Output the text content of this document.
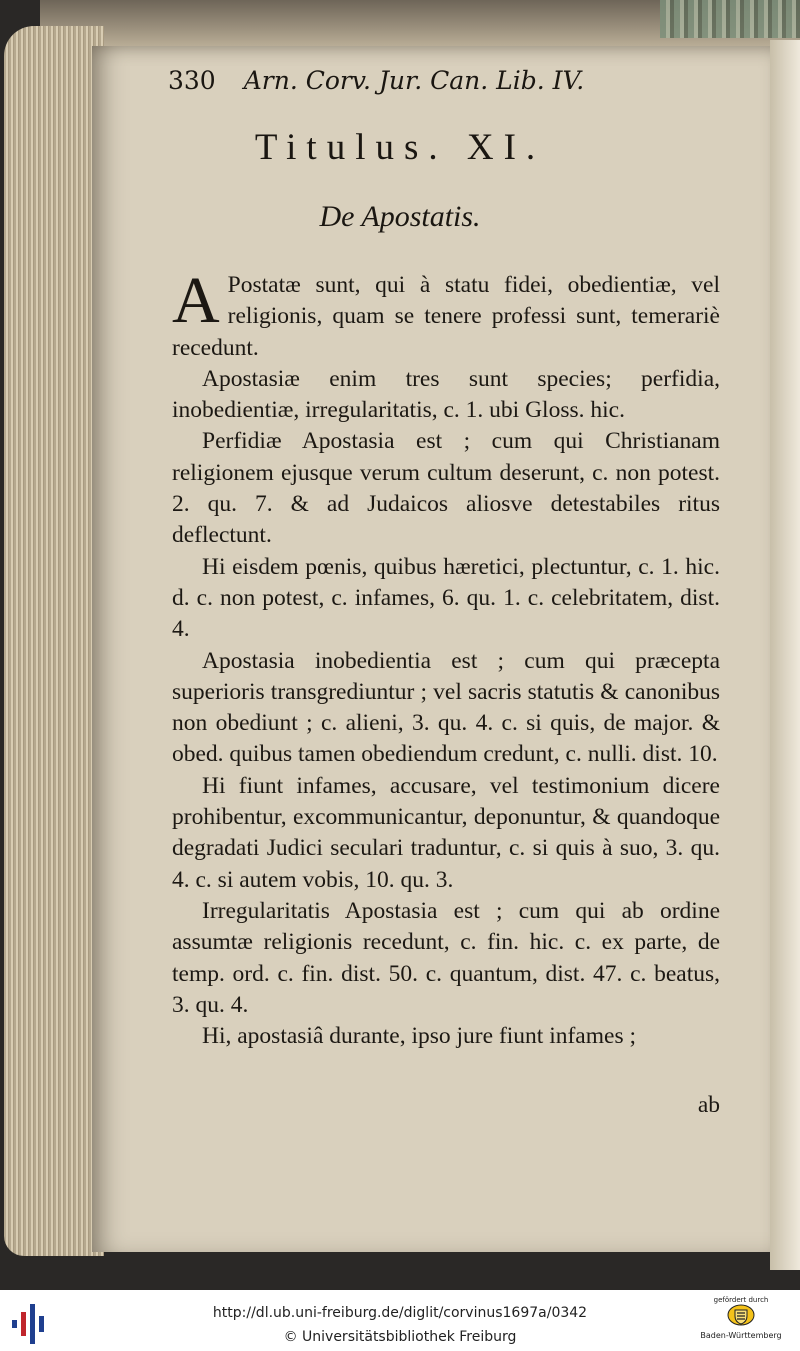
330 Arn. Corv. Jur. Can. Lib. IV.
Titulus. XI.
De Apostatis.

A Postatæ sunt, qui à statu fidei, obedientiæ, vel religionis, quam se tenere professi sunt, temerariè recedunt.

Apostasiæ enim tres sunt species; perfidia, inobedientiæ, irregularitatis, c. 1. ubi Gloss. hic.

Perfidiæ Apostasia est ; cum qui Christianam religionem ejusque verum cultum deserunt, c. non potest. 2. qu. 7. & ad Judaicos aliosve detestabiles ritus deflectunt.

Hi eisdem pœnis, quibus hæretici, plectuntur, c. 1. hic. d. c. non potest, c. infames, 6. qu. 1. c. celebritatem, dist. 4.

Apostasia inobedientia est ; cum qui præcepta superioris transgrediuntur ; vel sacris statutis & canonibus non obediunt ; c. alieni, 3. qu. 4. c. si quis, de major. & obed. quibus tamen obediendum credunt, c. nulli. dist. 10.

Hi fiunt infames, accusare, vel testimonium dicere prohibentur, excommunicantur, deponuntur, & quandoque degradati Judici seculari traduntur, c. si quis à suo, 3. qu. 4. c. si autem vobis, 10. qu. 3.

Irregularitatis Apostasia est ; cum qui ab ordine assumtæ religionis recedunt, c. fin. hic. c. ex parte, de temp. ord. c. fin. dist. 50. c. quantum, dist. 47. c. beatus, 3. qu. 4.

Hi, apostasiâ durante, ipso jure fiunt infames ;

ab
http://dl.ub.uni-freiburg.de/diglit/corvinus1697a/0342
© Universitätsbibliothek Freiburg
gefördert durch
Baden-Württemberg
